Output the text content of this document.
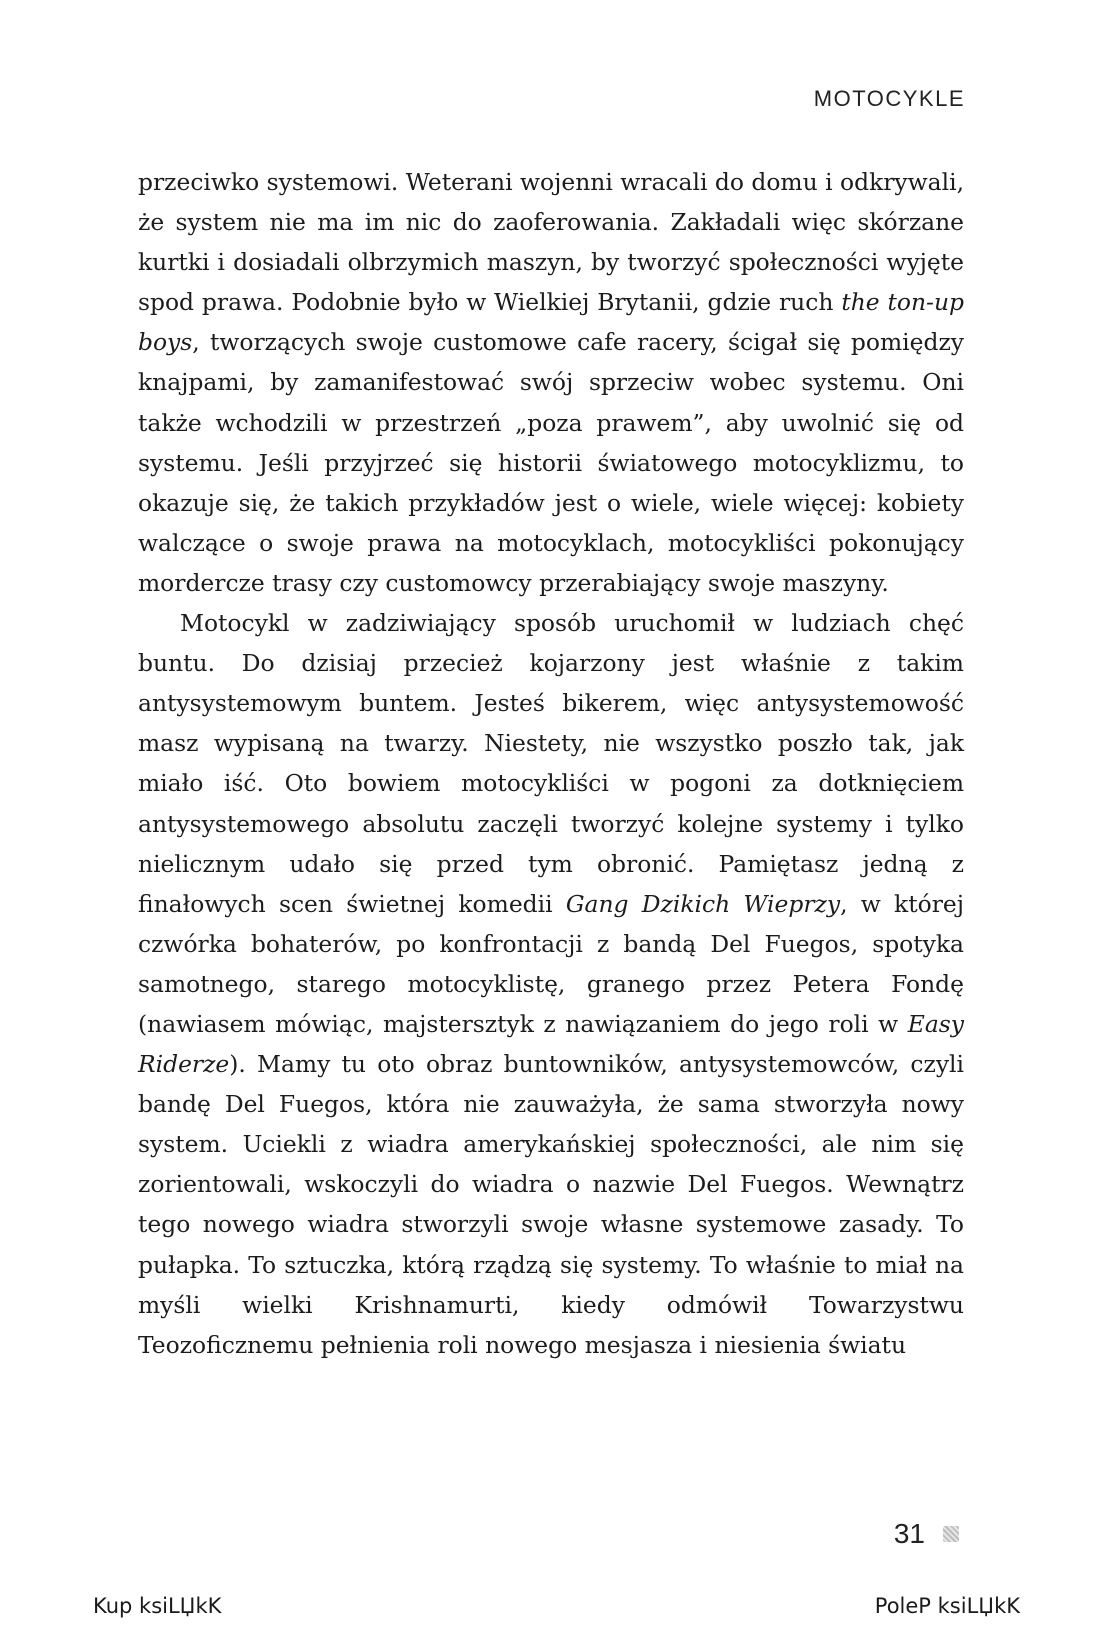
MOTOCYKLE

przeciwko systemowi. Weterani wojenni wracali do domu i odkrywali, że system nie ma im nic do zaoferowania. Zakładali więc skórzane kurtki i dosiadali olbrzymich maszyn, by tworzyć społeczności wyjęte spod prawa. Podobnie było w Wielkiej Brytanii, gdzie ruch the ton-up boys, tworzących swoje customowe cafe racery, ścigał się pomiędzy knajpami, by zamanifestować swój sprzeciw wobec systemu. Oni także wchodzili w przestrzeń „poza prawem”, aby uwolnić się od systemu. Jeśli przyjrzeć się historii światowego motocyklizmu, to okazuje się, że takich przykładów jest o wiele, wiele więcej: kobiety walczące o swoje prawa na motocyklach, motocykliści pokonujący mordercze trasy czy customowcy przerabiający swoje maszyny.

Motocykl w zadziwiający sposób uruchomił w ludziach chęć buntu. Do dzisiaj przecież kojarzony jest właśnie z takim antysystemowym buntem. Jesteś bikerem, więc antysystemowość masz wypisaną na twarzy. Niestety, nie wszystko poszło tak, jak miało iść. Oto bowiem motocykliści w pogoni za dotknięciem antysystemowego absolutu zaczęli tworzyć kolejne systemy i tylko nielicznym udało się przed tym obronić. Pamiętasz jedną z finałowych scen świetnej komedii Gang Dzikich Wieprzy, w której czwórka bohaterów, po konfrontacji z bandą Del Fuegos, spotyka samotnego, starego motocyklistę, granego przez Petera Fondę (nawiasem mówiąc, majstersztyk z nawiązaniem do jego roli w Easy Riderze). Mamy tu oto obraz buntowników, antysystemowców, czyli bandę Del Fuegos, która nie zauważyła, że sama stworzyła nowy system. Uciekli z wiadra amerykańskiej społeczności, ale nim się zorientowali, wskoczyli do wiadra o nazwie Del Fuegos. Wewnątrz tego nowego wiadra stworzyli swoje własne systemowe zasady. To pułapka. To sztuczka, którą rządzą się systemy. To właśnie to miał na myśli wielki Krishnamurti, kiedy odmówił Towarzystwu Teozoficznemu pełnienia roli nowego mesjasza i niesienia światu

31
Kup ksiLЏkK	PoleP ksiLЏkK
